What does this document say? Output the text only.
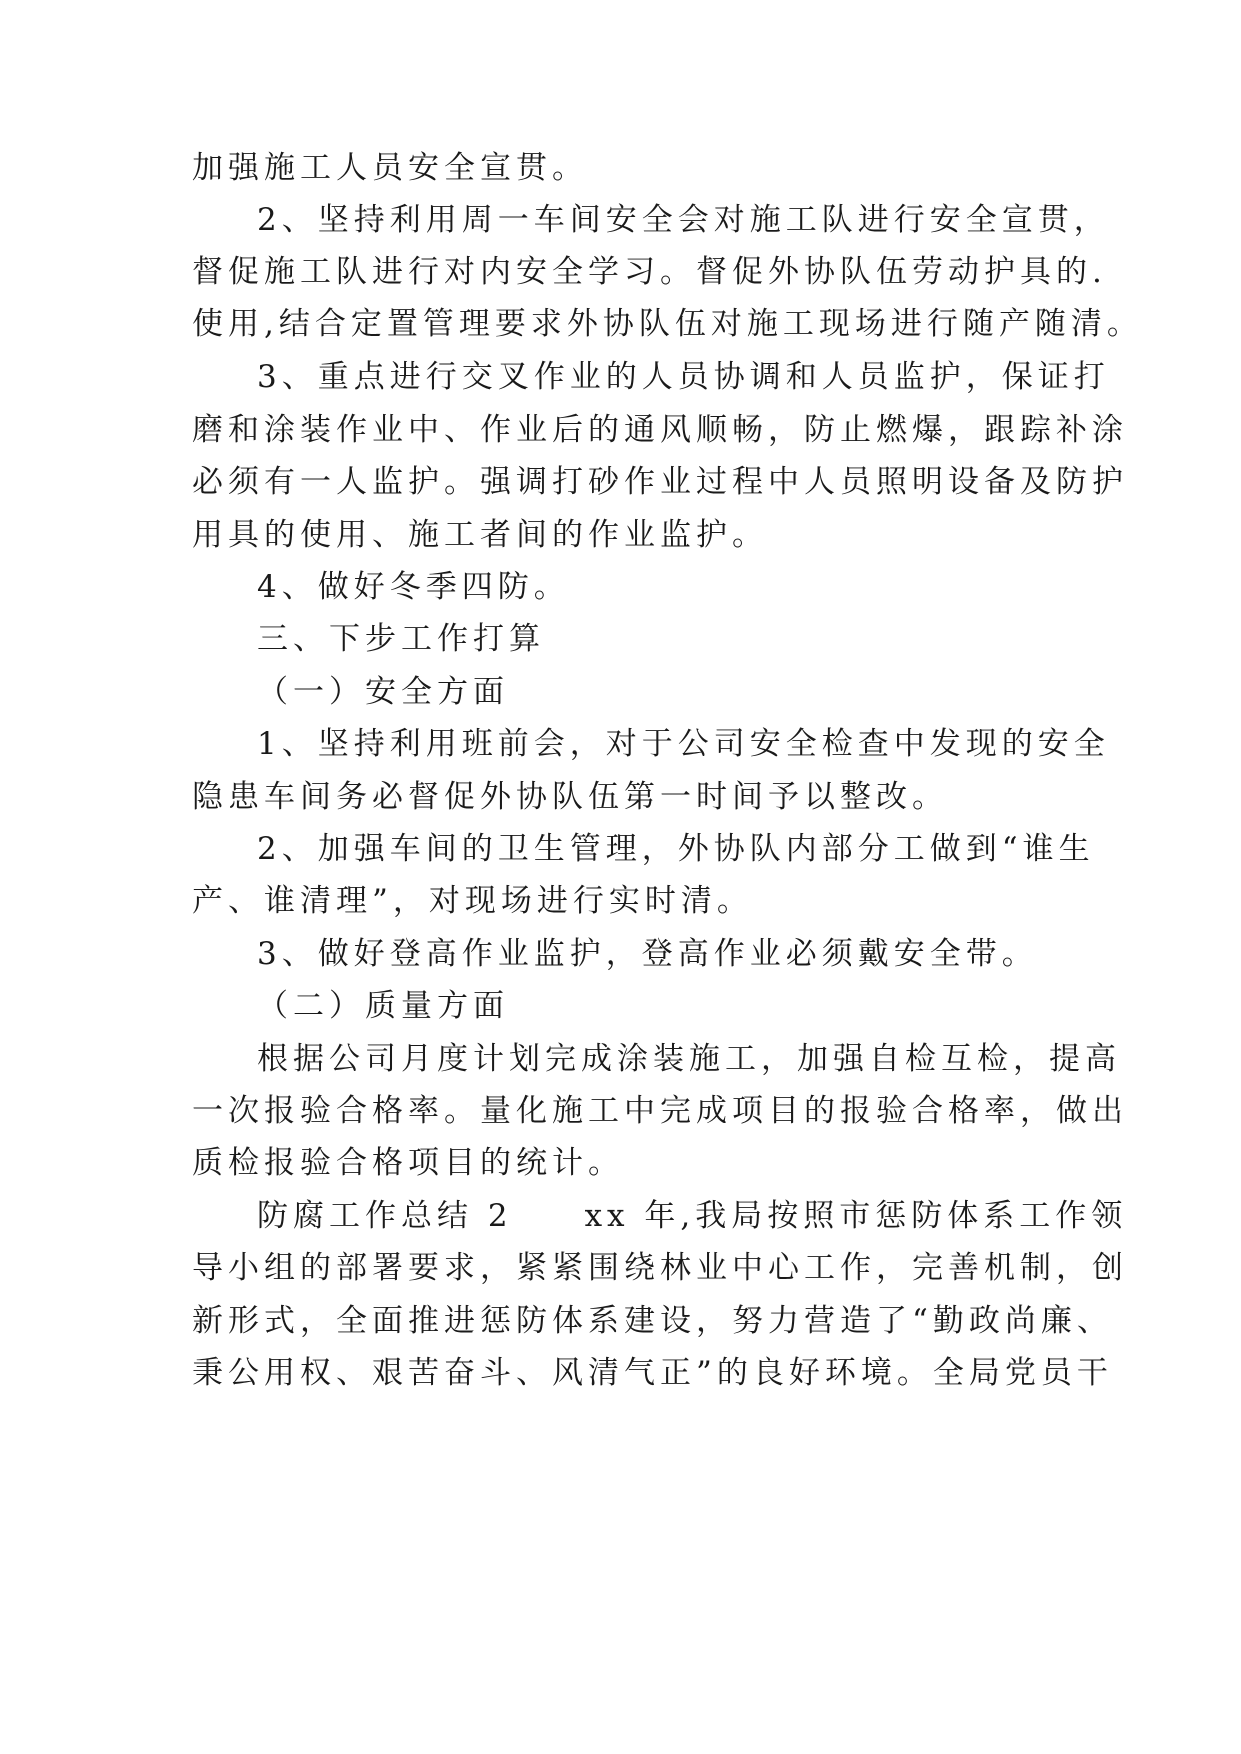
加强施工人员安全宣贯。
2、坚持利用周一车间安全会对施工队进行安全宣贯，
督促施工队进行对内安全学习。督促外协队伍劳动护具的.
使用,结合定置管理要求外协队伍对施工现场进行随产随清。
3、重点进行交叉作业的人员协调和人员监护，保证打
磨和涂装作业中、作业后的通风顺畅，防止燃爆，跟踪补涂
必须有一人监护。强调打砂作业过程中人员照明设备及防护
用具的使用、施工者间的作业监护。
4、做好冬季四防。
三、下步工作打算
（一）安全方面
1、坚持利用班前会，对于公司安全检查中发现的安全
隐患车间务必督促外协队伍第一时间予以整改。
2、加强车间的卫生管理，外协队内部分工做到“谁生
产、谁清理”，对现场进行实时清。
3、做好登高作业监护，登高作业必须戴安全带。
（二）质量方面
根据公司月度计划完成涂装施工，加强自检互检，提高
一次报验合格率。量化施工中完成项目的报验合格率，做出
质检报验合格项目的统计。
防腐工作总结 2　　xx 年,我局按照市惩防体系工作领
导小组的部署要求，紧紧围绕林业中心工作，完善机制，创
新形式，全面推进惩防体系建设，努力营造了“勤政尚廉、
秉公用权、艰苦奋斗、风清气正”的良好环境。全局党员干
